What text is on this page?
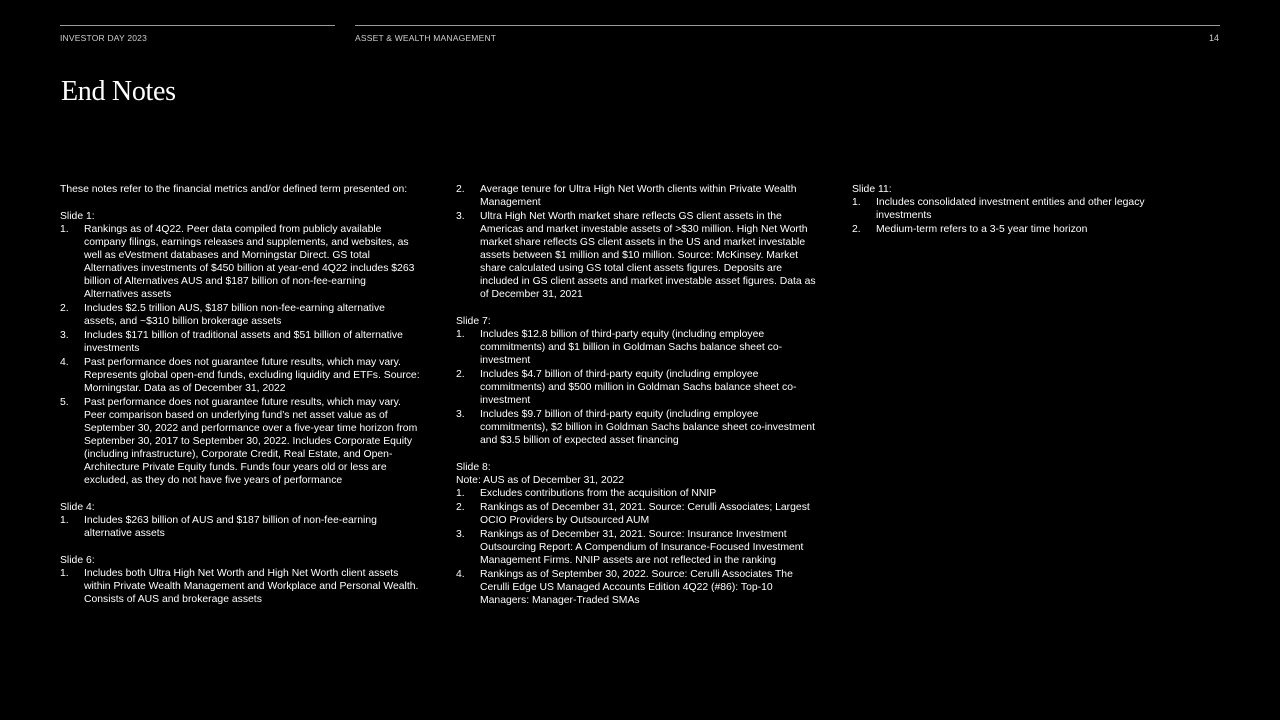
INVESTOR DAY 2023	ASSET & WEALTH MANAGEMENT	14
End Notes

These notes refer to the financial metrics and/or defined term presented on:

Slide 1:

1. Rankings as of 4Q22. Peer data compiled from publicly available company filings, earnings releases and supplements, and websites, as well as eVestment databases and Morningstar Direct. GS total Alternatives investments of $450 billion at year-end 4Q22 includes $263 billion of Alternatives AUS and $187 billion of non-fee-earning Alternatives assets
2. Includes $2.5 trillion AUS, $187 billion non-fee-earning alternative assets, and ~$310 billion brokerage assets
3. Includes $171 billion of traditional assets and $51 billion of alternative investments
4. Past performance does not guarantee future results, which may vary. Represents global open-end funds, excluding liquidity and ETFs. Source: Morningstar. Data as of December 31, 2022
5. Past performance does not guarantee future results, which may vary. Peer comparison based on underlying fund’s net asset value as of September 30, 2022 and performance over a five-year time horizon from September 30, 2017 to September 30, 2022. Includes Corporate Equity (including infrastructure), Corporate Credit, Real Estate, and Open-Architecture Private Equity funds. Funds four years old or less are excluded, as they do not have five years of performance

Slide 4:

1. Includes $263 billion of AUS and $187 billion of non-fee-earning alternative assets

Slide 6:

1. Includes both Ultra High Net Worth and High Net Worth client assets within Private Wealth Management and Workplace and Personal Wealth. Consists of AUS and brokerage assets
2. Average tenure for Ultra High Net Worth clients within Private Wealth Management
3. Ultra High Net Worth market share reflects GS client assets in the Americas and market investable assets of >$30 million. High Net Worth market share reflects GS client assets in the US and market investable assets between $1 million and $10 million. Source: McKinsey. Market share calculated using GS total client assets figures. Deposits are included in GS client assets and market investable asset figures. Data as of December 31, 2021

Slide 7:

1. Includes $12.8 billion of third-party equity (including employee commitments) and $1 billion in Goldman Sachs balance sheet co-investment
2. Includes $4.7 billion of third-party equity (including employee commitments) and $500 million in Goldman Sachs balance sheet co-investment
3. Includes $9.7 billion of third-party equity (including employee commitments), $2 billion in Goldman Sachs balance sheet co-investment and $3.5 billion of expected asset financing

Slide 8:

Note: AUS as of December 31, 2022

1. Excludes contributions from the acquisition of NNIP
2. Rankings as of December 31, 2021. Source: Cerulli Associates; Largest OCIO Providers by Outsourced AUM
3. Rankings as of December 31, 2021. Source: Insurance Investment Outsourcing Report: A Compendium of Insurance-Focused Investment Management Firms. NNIP assets are not reflected in the ranking
4. Rankings as of September 30, 2022. Source: Cerulli Associates The Cerulli Edge US Managed Accounts Edition 4Q22 (#86): Top-10 Managers: Manager-Traded SMAs

Slide 11:

1. Includes consolidated investment entities and other legacy investments
2. Medium-term refers to a 3-5 year time horizon
